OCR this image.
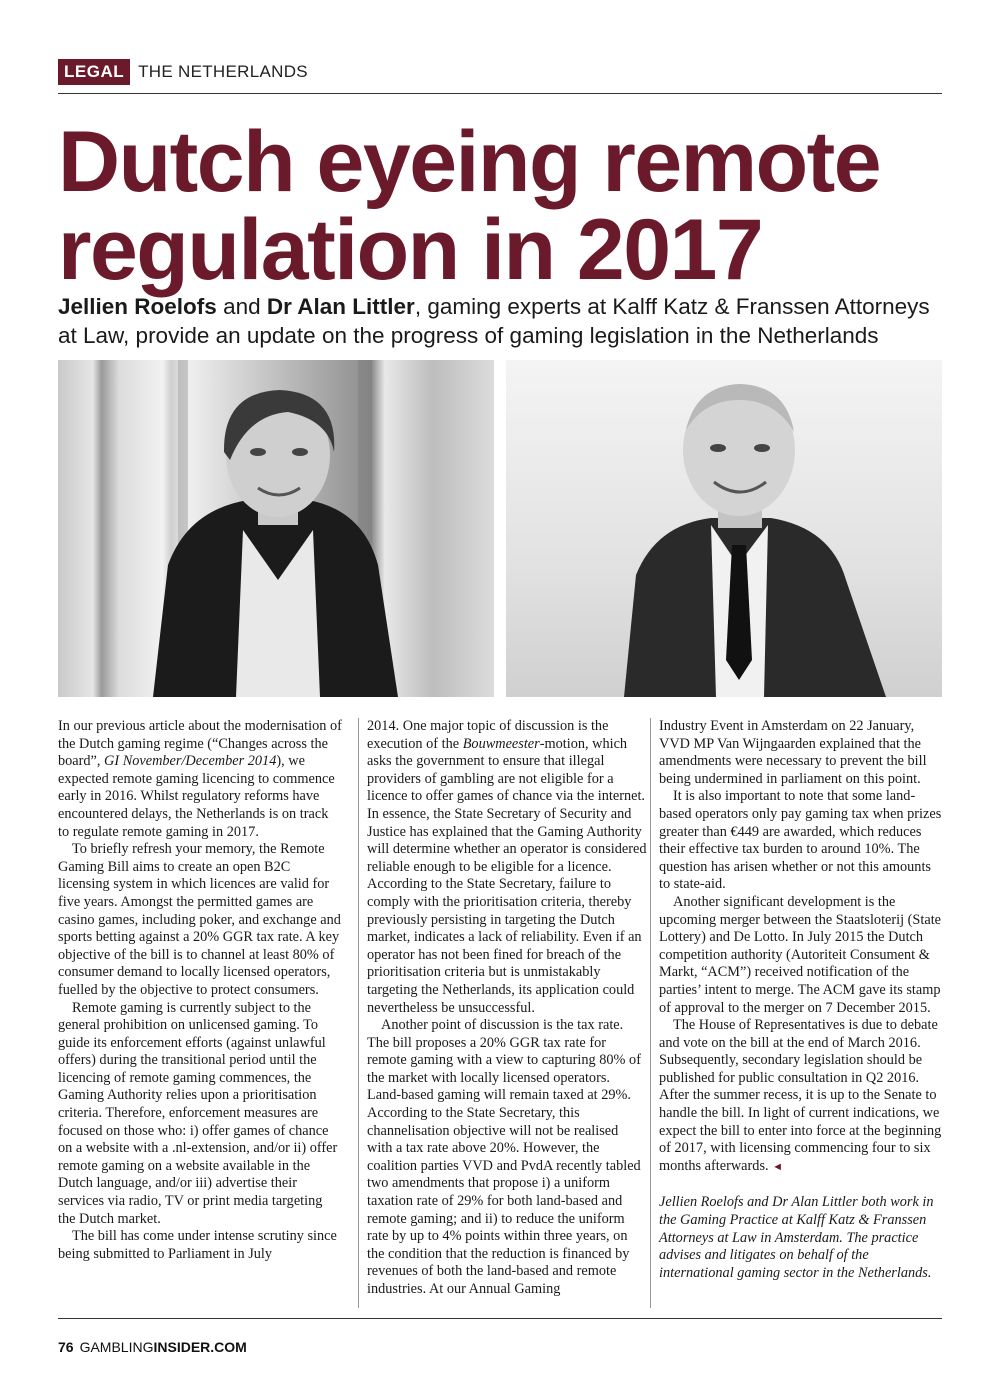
LEGAL THE NETHERLANDS
Dutch eyeing remote
regulation in 2017

Jellien Roelofs and Dr Alan Littler, gaming experts at Kalff Katz & Franssen Attorneys at Law, provide an update on the progress of gaming legislation in the Netherlands

In our previous article about the modernisation of the Dutch gaming regime (“Changes across the board”, GI November/December 2014), we expected remote gaming licencing to commence early in 2016. Whilst regulatory reforms have encountered delays, the Netherlands is on track to regulate remote gaming in 2017.

To briefly refresh your memory, the Remote Gaming Bill aims to create an open B2C licensing system in which licences are valid for five years. Amongst the permitted games are casino games, including poker, and exchange and sports betting against a 20% GGR tax rate. A key objective of the bill is to channel at least 80% of consumer demand to locally licensed operators, fuelled by the objective to protect consumers.

Remote gaming is currently subject to the general prohibition on unlicensed gaming. To guide its enforcement efforts (against unlawful offers) during the transitional period until the licencing of remote gaming commences, the Gaming Authority relies upon a prioritisation criteria. Therefore, enforcement measures are focused on those who: i) offer games of chance on a website with a .nl-extension, and/or ii) offer remote gaming on a website available in the Dutch language, and/or iii) advertise their services via radio, TV or print media targeting the Dutch market.

The bill has come under intense scrutiny since being submitted to Parliament in July

2014. One major topic of discussion is the execution of the Bouwmeester-motion, which asks the government to ensure that illegal providers of gambling are not eligible for a licence to offer games of chance via the internet. In essence, the State Secretary of Security and Justice has explained that the Gaming Authority will determine whether an operator is considered reliable enough to be eligible for a licence. According to the State Secretary, failure to comply with the prioritisation criteria, thereby previously persisting in targeting the Dutch market, indicates a lack of reliability. Even if an operator has not been fined for breach of the prioritisation criteria but is unmistakably targeting the Netherlands, its application could nevertheless be unsuccessful.

Another point of discussion is the tax rate. The bill proposes a 20% GGR tax rate for remote gaming with a view to capturing 80% of the market with locally licensed operators. Land-based gaming will remain taxed at 29%. According to the State Secretary, this channelisation objective will not be realised with a tax rate above 20%. However, the coalition parties VVD and PvdA recently tabled two amendments that propose i) a uniform taxation rate of 29% for both land-based and remote gaming; and ii) to reduce the uniform rate by up to 4% points within three years, on the condition that the reduction is financed by revenues of both the land-based and remote industries. At our Annual Gaming

Industry Event in Amsterdam on 22 January, VVD MP Van Wijngaarden explained that the amendments were necessary to prevent the bill being undermined in parliament on this point.

It is also important to note that some land-based operators only pay gaming tax when prizes greater than €449 are awarded, which reduces their effective tax burden to around 10%. The question has arisen whether or not this amounts to state-aid.

Another significant development is the upcoming merger between the Staatsloterij (State Lottery) and De Lotto. In July 2015 the Dutch competition authority (Autoriteit Consument & Markt, “ACM”) received notification of the parties’ intent to merge. The ACM gave its stamp of approval to the merger on 7 December 2015.

The House of Representatives is due to debate and vote on the bill at the end of March 2016. Subsequently, secondary legislation should be published for public consultation in Q2 2016. After the summer recess, it is up to the Senate to handle the bill. In light of current indications, we expect the bill to enter into force at the beginning of 2017, with licensing commencing four to six months afterwards. ◄

Jellien Roelofs and Dr Alan Littler both work in the Gaming Practice at Kalff Katz & Franssen Attorneys at Law in Amsterdam. The practice advises and litigates on behalf of the international gaming sector in the Netherlands.

76 GAMBLINGINSIDER.COM
